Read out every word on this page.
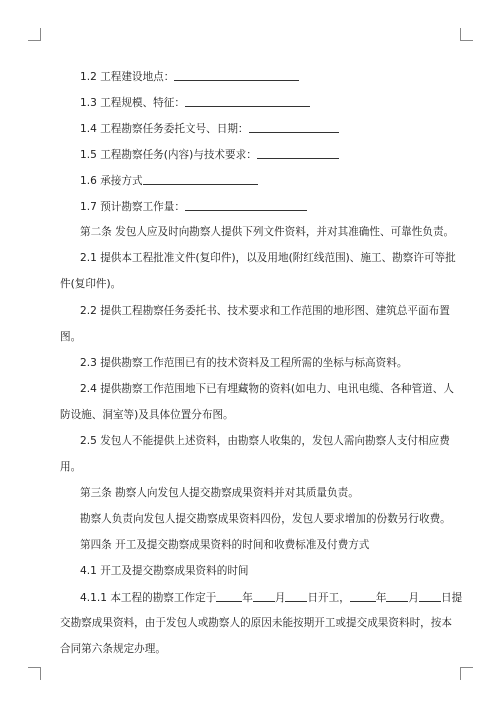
1.2 工程建设地点：
1.3 工程规模、特征：
1.4 工程勘察任务委托文号、日期：
1.5 工程勘察任务(内容)与技术要求：
1.6 承接方式
1.7 预计勘察工作量：
第二条 发包人应及时向勘察人提供下列文件资料，并对其准确性、可靠性负责。
2.1 提供本工程批准文件(复印件)，以及用地(附红线范围)、施工、勘察许可等批
件(复印件)。
2.2 提供工程勘察任务委托书、技术要求和工作范围的地形图、建筑总平面布置
图。
2.3 提供勘察工作范围已有的技术资料及工程所需的坐标与标高资料。
2.4 提供勘察工作范围地下已有埋藏物的资料(如电力、电讯电缆、各种管道、人
防设施、洞室等)及具体位置分布图。
2.5 发包人不能提供上述资料，由勘察人收集的，发包人需向勘察人支付相应费
用。
第三条 勘察人向发包人提交勘察成果资料并对其质量负责。
勘察人负责向发包人提交勘察成果资料四份，发包人要求增加的份数另行收费。
第四条 开工及提交勘察成果资料的时间和收费标准及付费方式
4.1 开工及提交勘察成果资料的时间
4.1.1 本工程的勘察工作定于 年 月 日开工， 年 月 日提
交勘察成果资料，由于发包人或勘察人的原因未能按期开工或提交成果资料时，按本
合同第六条规定办理。
